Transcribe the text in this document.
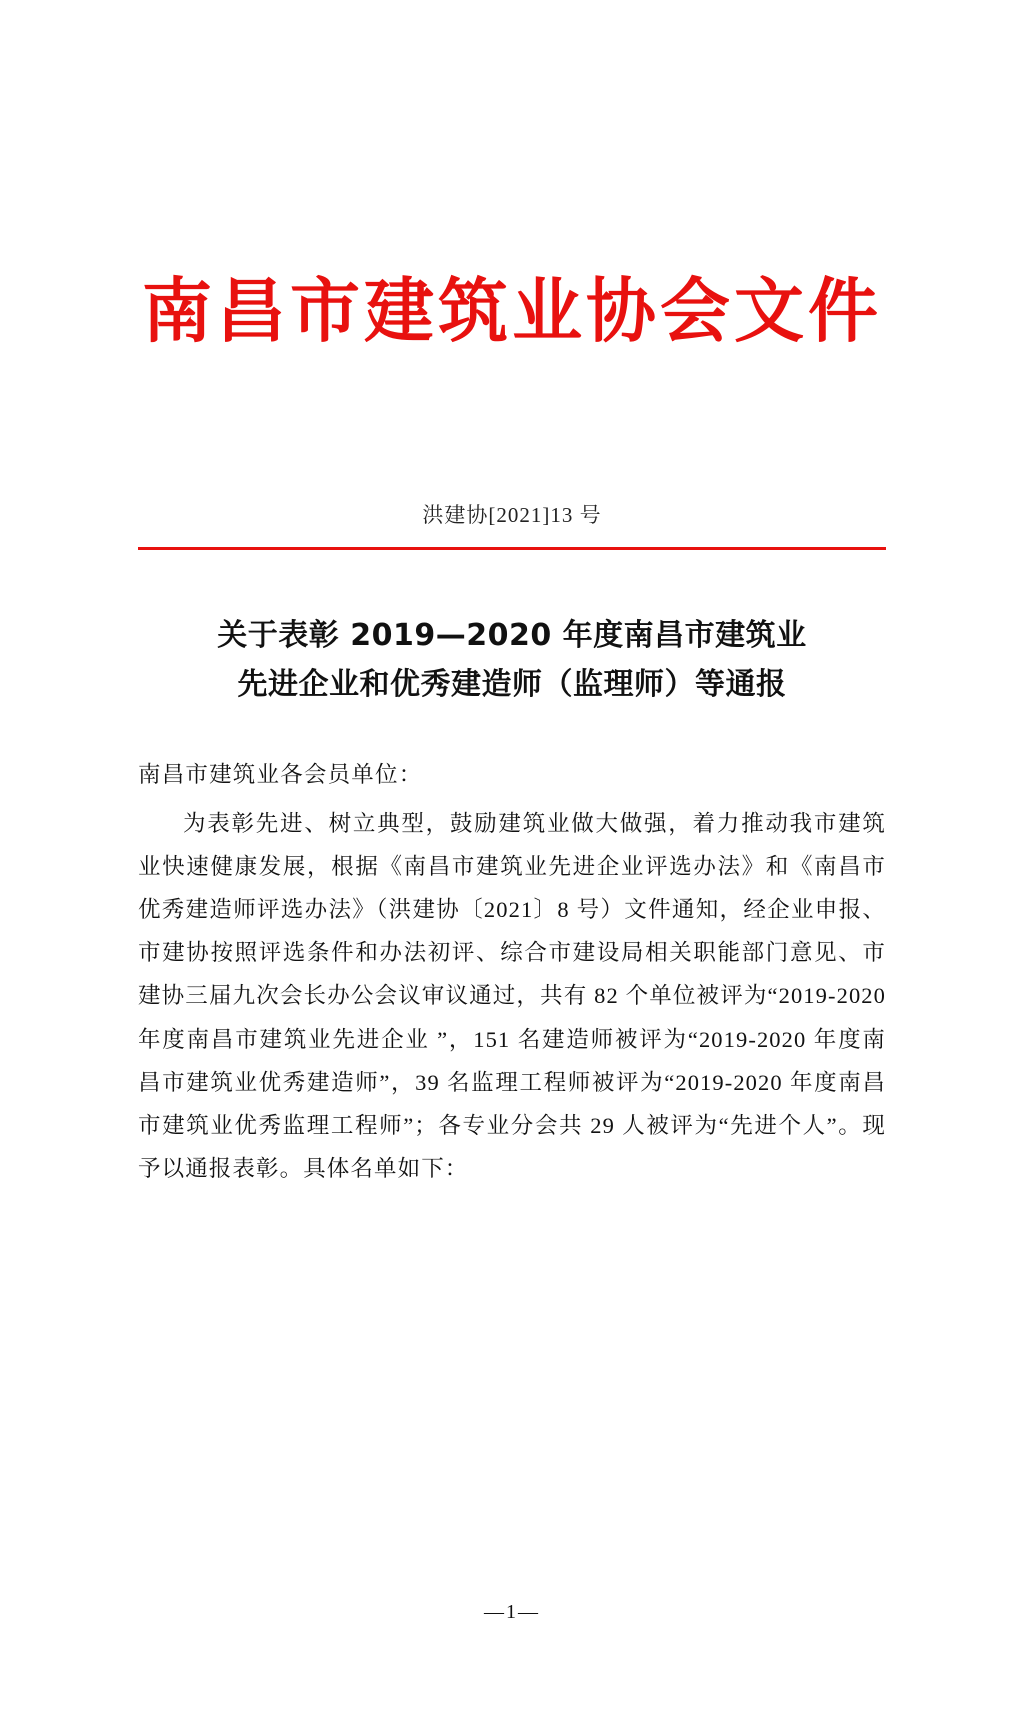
南昌市建筑业协会文件
洪建协[2021]13 号
关于表彰 2019—2020 年度南昌市建筑业
先进企业和优秀建造师（监理师）等通报
南昌市建筑业各会员单位：
为表彰先进、树立典型，鼓励建筑业做大做强，着力推动我市建筑业快速健康发展，根据《南昌市建筑业先进企业评选办法》和《南昌市优秀建造师评选办法》（洪建协〔2021〕8 号）文件通知，经企业申报、市建协按照评选条件和办法初评、综合市建设局相关职能部门意见、市建协三届九次会长办公会议审议通过，共有 82 个单位被评为“2019-2020 年度南昌市建筑业先进企业 ”，151 名建造师被评为“2019-2020 年度南昌市建筑业优秀建造师”，39 名监理工程师被评为“2019-2020 年度南昌市建筑业优秀监理工程师”；各专业分会共 29 人被评为“先进个人”。现予以通报表彰。具体名单如下：
—1—
